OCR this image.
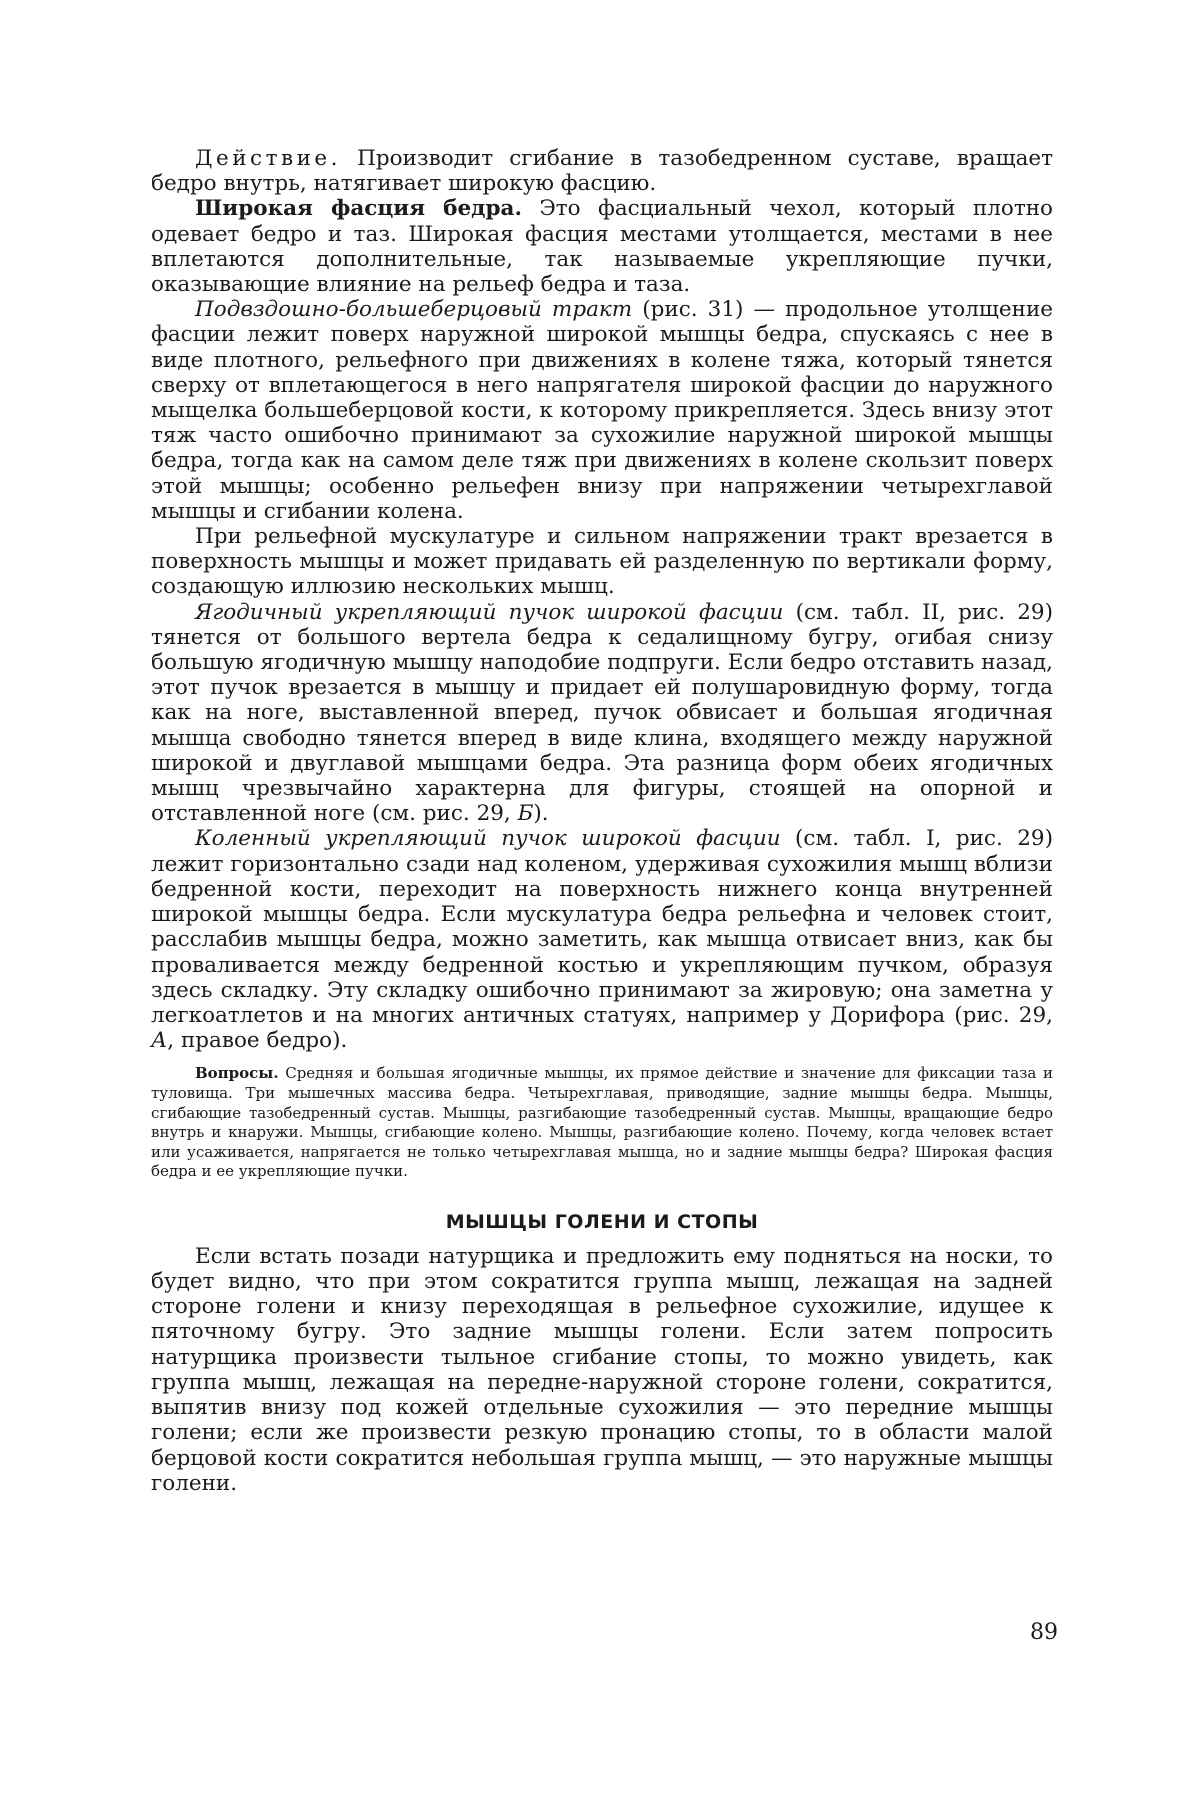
Действие. Производит сгибание в тазобедренном суставе, вращает бедро внутрь, натягивает широкую фасцию.

Широкая фасция бедра. Это фасциальный чехол, который плотно одевает бедро и таз. Широкая фасция местами утолщается, местами в нее вплетаются дополнительные, так называемые укрепляющие пучки, оказывающие влияние на рельеф бедра и таза.

Подвздошно-большеберцовый тракт (рис. 31) — продольное утолщение фасции лежит поверх наружной широкой мышцы бедра, спускаясь с нее в виде плотного, рельефного при движениях в колене тяжа, который тянется сверху от вплетающегося в него напрягателя широкой фасции до наружного мыщелка большеберцовой кости, к которому прикрепляется. Здесь внизу этот тяж часто ошибочно принимают за сухожилие наружной широкой мышцы бедра, тогда как на самом деле тяж при движениях в колене скользит поверх этой мышцы; особенно рельефен внизу при напряжении четырехглавой мышцы и сгибании колена.

При рельефной мускулатуре и сильном напряжении тракт врезается в поверхность мышцы и может придавать ей разделенную по вертикали форму, создающую иллюзию нескольких мышц.

Ягодичный укрепляющий пучок широкой фасции (см. табл. II, рис. 29) тянется от большого вертела бедра к седалищному бугру, огибая снизу большую ягодичную мышцу наподобие подпруги. Если бедро отставить назад, этот пучок врезается в мышцу и придает ей полушаровидную форму, тогда как на ноге, выставленной вперед, пучок обвисает и большая ягодичная мышца свободно тянется вперед в виде клина, входящего между наружной широкой и двуглавой мышцами бедра. Эта разница форм обеих ягодичных мышц чрезвычайно характерна для фигуры, стоящей на опорной и отставленной ноге (см. рис. 29, Б).

Коленный укрепляющий пучок широкой фасции (см. табл. I, рис. 29) лежит горизонтально сзади над коленом, удерживая сухожилия мышц вблизи бедренной кости, переходит на поверхность нижнего конца внутренней широкой мышцы бедра. Если мускулатура бедра рельефна и человек стоит, расслабив мышцы бедра, можно заметить, как мышца отвисает вниз, как бы проваливается между бедренной костью и укрепляющим пучком, образуя здесь складку. Эту складку ошибочно принимают за жировую; она заметна у легкоатлетов и на многих античных статуях, например у Дорифора (рис. 29, А, правое бедро).

Вопросы. Средняя и большая ягодичные мышцы, их прямое действие и значение для фиксации таза и туловища. Три мышечных массива бедра. Четырехглавая, приводящие, задние мышцы бедра. Мышцы, сгибающие тазобедренный сустав. Мышцы, разгибающие тазобедренный сустав. Мышцы, вращающие бедро внутрь и кнаружи. Мышцы, сгибающие колено. Мышцы, разгибающие колено. Почему, когда человек встает или усаживается, напрягается не только четырехглавая мышца, но и задние мышцы бедра? Широкая фасция бедра и ее укрепляющие пучки.

МЫШЦЫ ГОЛЕНИ И СТОПЫ

Если встать позади натурщика и предложить ему подняться на носки, то будет видно, что при этом сократится группа мышц, лежащая на задней стороне голени и книзу переходящая в рельефное сухожилие, идущее к пяточному бугру. Это задние мышцы голени. Если затем попросить натурщика произвести тыльное сгибание стопы, то можно увидеть, как группа мышц, лежащая на передне-наружной стороне голени, сократится, выпятив внизу под кожей отдельные сухожилия — это передние мышцы голени; если же произвести резкую пронацию стопы, то в области малой берцовой кости сократится небольшая группа мышц, — это наружные мышцы голени.

89
